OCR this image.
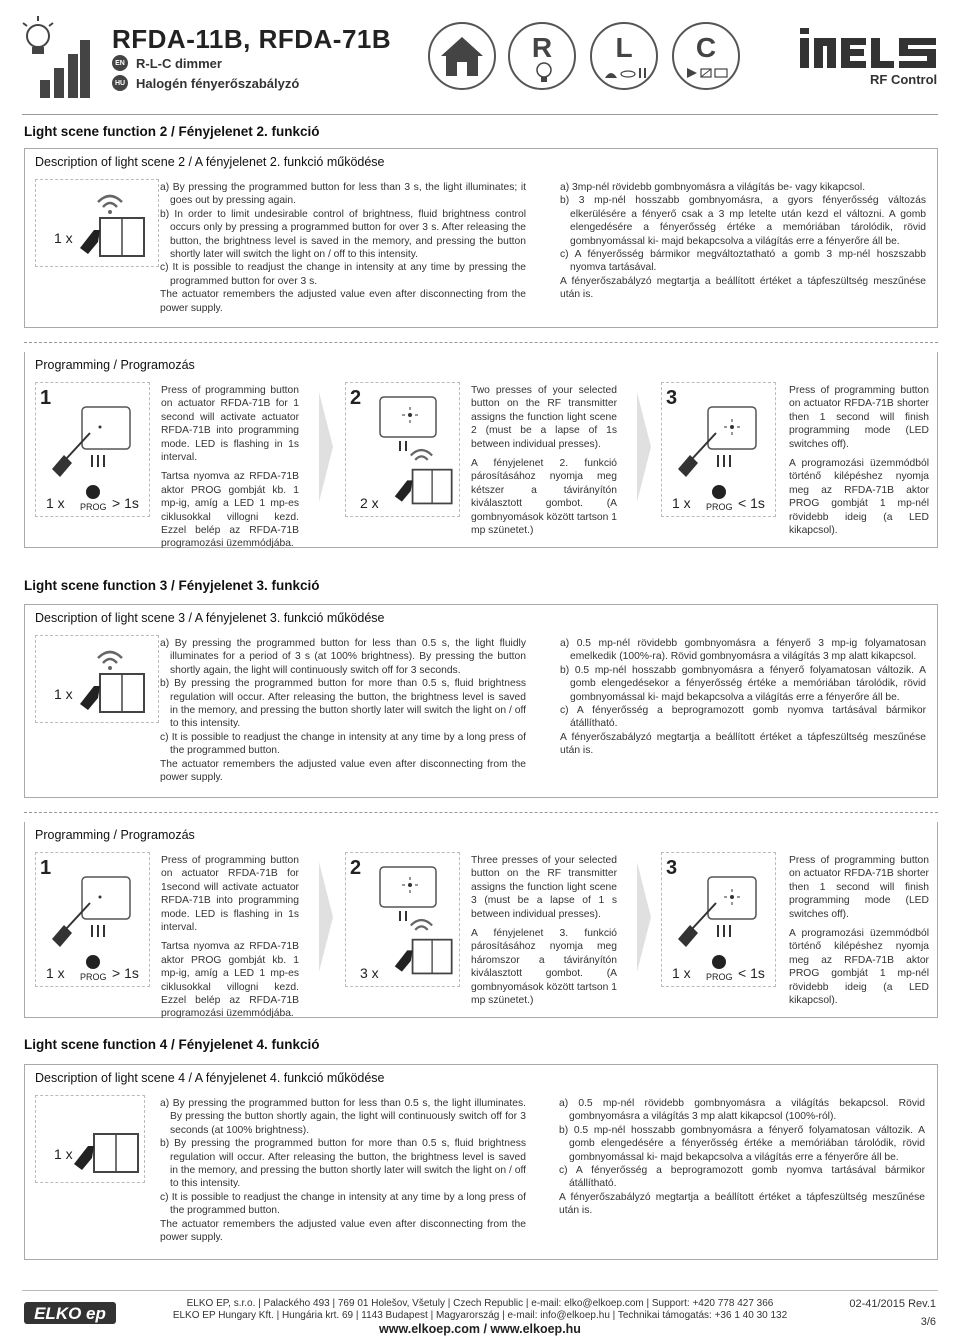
RFDA-11B, RFDA-71B
EN R-L-C dimmer
HU Halogén fényerőszabályzó
R L C
RF Control
Light scene function 2 / Fényjelenet 2. funkció
Description of light scene 2 / A fényjelenet 2. funkció működése
1 x

a) By pressing the programmed button for less than 3 s, the light illuminates; it goes out by pressing again.

b) In order to limit undesirable control of brightness, fluid brightness control occurs only by pressing a programmed button for over 3 s. After releasing the button, the brightness level is saved in the memory, and pressing the button shortly later will switch the light on / off to this intensity.

c) It is possible to readjust the change in intensity at any time by pressing the programmed button for over 3 s.

The actuator remembers the adjusted value even after disconnecting from the power supply.

a) 3mp-nél rövidebb gombnyomásra a világítás be- vagy kikapcsol.

b) 3 mp-nél hosszabb gombnyomásra, a gyors fényerősség változás elkerülésére a fényerő csak a 3 mp letelte után kezd el változni. A gomb elengedésére a fényerősség értéke a memóriában tárolódik, rövid gombnyomással ki- majd bekapcsolva a világítás erre a fényerőre áll be.

c) A fényerősség bármikor megváltoztatható a gomb 3 mp-nél hoszszabb nyomva tartásával.

A fényerőszabályzó megtartja a beállított értéket a tápfeszültség meszűnése után is.

Programming / Programozás
1
1 x PROG > 1s

Press of programming button on actuator RFDA-71B for 1 second will activate actuator RFDA-71B into programming mode. LED is flashing in 1s interval.

Tartsa nyomva az RFDA-71B aktor PROG gombját kb. 1 mp-ig, amíg a LED 1 mp-es ciklusokkal villogni kezd. Ezzel belép az RFDA-71B programozási üzemmódjába.

2
2 x

Two presses of your selected button on the RF transmitter assigns the function light scene 2 (must be a lapse of 1s between individual presses).

A fényjelenet 2. funkció párosításához nyomja meg kétszer a távirányítón kiválasztott gombot. (A gombnyomások között tartson 1 mp szünetet.)

3
1 x PROG < 1s

Press of programming button on actuator RFDA-71B shorter then 1 second will finish programming mode (LED switches off).

A programozási üzemmódból történő kilépéshez nyomja meg az RFDA-71B aktor PROG gombját 1 mp-nél rövidebb ideig (a LED kikapcsol).

Light scene function 3 / Fényjelenet 3. funkció
Description of light scene 3 / A fényjelenet 3. funkció működése
1 x

a) By pressing the programmed button for less than 0.5 s, the light fluidly illuminates for a period of 3 s (at 100% brightness). By pressing the button shortly again, the light will continuously switch off for 3 seconds.

b) By pressing the programmed button for more than 0.5 s, fluid brightness regulation will occur. After releasing the button, the brightness level is saved in the memory, and pressing the button shortly later will switch the light on / off to this intensity.

c) It is possible to readjust the change in intensity at any time by a long press of the programmed button.

The actuator remembers the adjusted value even after disconnecting from the power supply.

a) 0.5 mp-nél rövidebb gombnyomásra a fényerő 3 mp-ig folyamatosan emelkedik (100%-ra). Rövid gombnyomásra a világítás 3 mp alatt kikapcsol.

b) 0.5 mp-nél hosszabb gombnyomásra a fényerő folyamatosan változik. A gomb elengedésekor a fényerősség értéke a memóriában tárolódik, rövid gombnyomással ki- majd bekapcsolva a világítás erre a fényerőre áll be.

c) A fényerősség a beprogramozott gomb nyomva tartásával bármikor átállítható.

A fényerőszabályzó megtartja a beállított értéket a tápfeszültség meszűnése után is.

Programming / Programozás
1
1 x PROG > 1s

Press of programming button on actuator RFDA-71B for 1second will activate actuator RFDA-71B into programming mode. LED is flashing in 1s interval.

Tartsa nyomva az RFDA-71B aktor PROG gombját kb. 1 mp-ig, amíg a LED 1 mp-es ciklusokkal villogni kezd. Ezzel belép az RFDA-71B programozási üzemmódjába.

2
3 x

Three presses of your selected button on the RF transmitter assigns the function light scene 3 (must be a lapse of 1 s between individual presses).

A fényjelenet 3. funkció párosításához nyomja meg háromszor a távirányítón kiválasztott gombot. (A gombnyomások között tartson 1 mp szünetet.)

3
1 x PROG < 1s

Press of programming button on actuator RFDA-71B shorter then 1 second will finish programming mode (LED switches off).

A programozási üzemmódból történő kilépéshez nyomja meg az RFDA-71B aktor PROG gombját 1 mp-nél rövidebb ideig (a LED kikapcsol).

Light scene function 4 / Fényjelenet 4. funkció
Description of light scene 4 / A fényjelenet 4. funkció működése
1 x

a) By pressing the programmed button for less than 0.5 s, the light illuminates. By pressing the button shortly again, the light will continuously switch off for 3 seconds (at 100% brightness).

b) By pressing the programmed button for more than 0.5 s, fluid brightness regulation will occur. After releasing the button, the brightness level is saved in the memory, and pressing the button shortly later will switch the light on / off to this intensity.

c) It is possible to readjust the change in intensity at any time by a long press of the programmed button.

The actuator remembers the adjusted value even after disconnecting from the power supply.

a) 0.5 mp-nél rövidebb gombnyomásra a világítás bekapcsol. Rövid gombnyomásra a világítás 3 mp alatt kikapcsol (100%-ról).

b) 0.5 mp-nél hosszabb gombnyomásra a fényerő folyamatosan változik. A gomb elengedésére a fényerősség értéke a memóriában tárolódik, rövid gombnyomással ki- majd bekapcsolva a világítás erre a fényerőre áll be.

c) A fényerősség a beprogramozott gomb nyomva tartásával bármikor átállítható.

A fényerőszabályzó megtartja a beállított értéket a tápfeszültség meszűnése után is.

ELKO ep
ELKO EP, s.r.o. | Palackého 493 | 769 01 Holešov, Všetuly | Czech Republic | e-mail: elko@elkoep.com | Support: +420 778 427 366
ELKO EP Hungary Kft. | Hungária krt. 69 | 1143 Budapest | Magyarország | e-mail: info@elkoep.hu | Technikai támogatás: +36 1 40 30 132
www.elkoep.com / www.elkoep.hu
02-41/2015 Rev.1
3/6
